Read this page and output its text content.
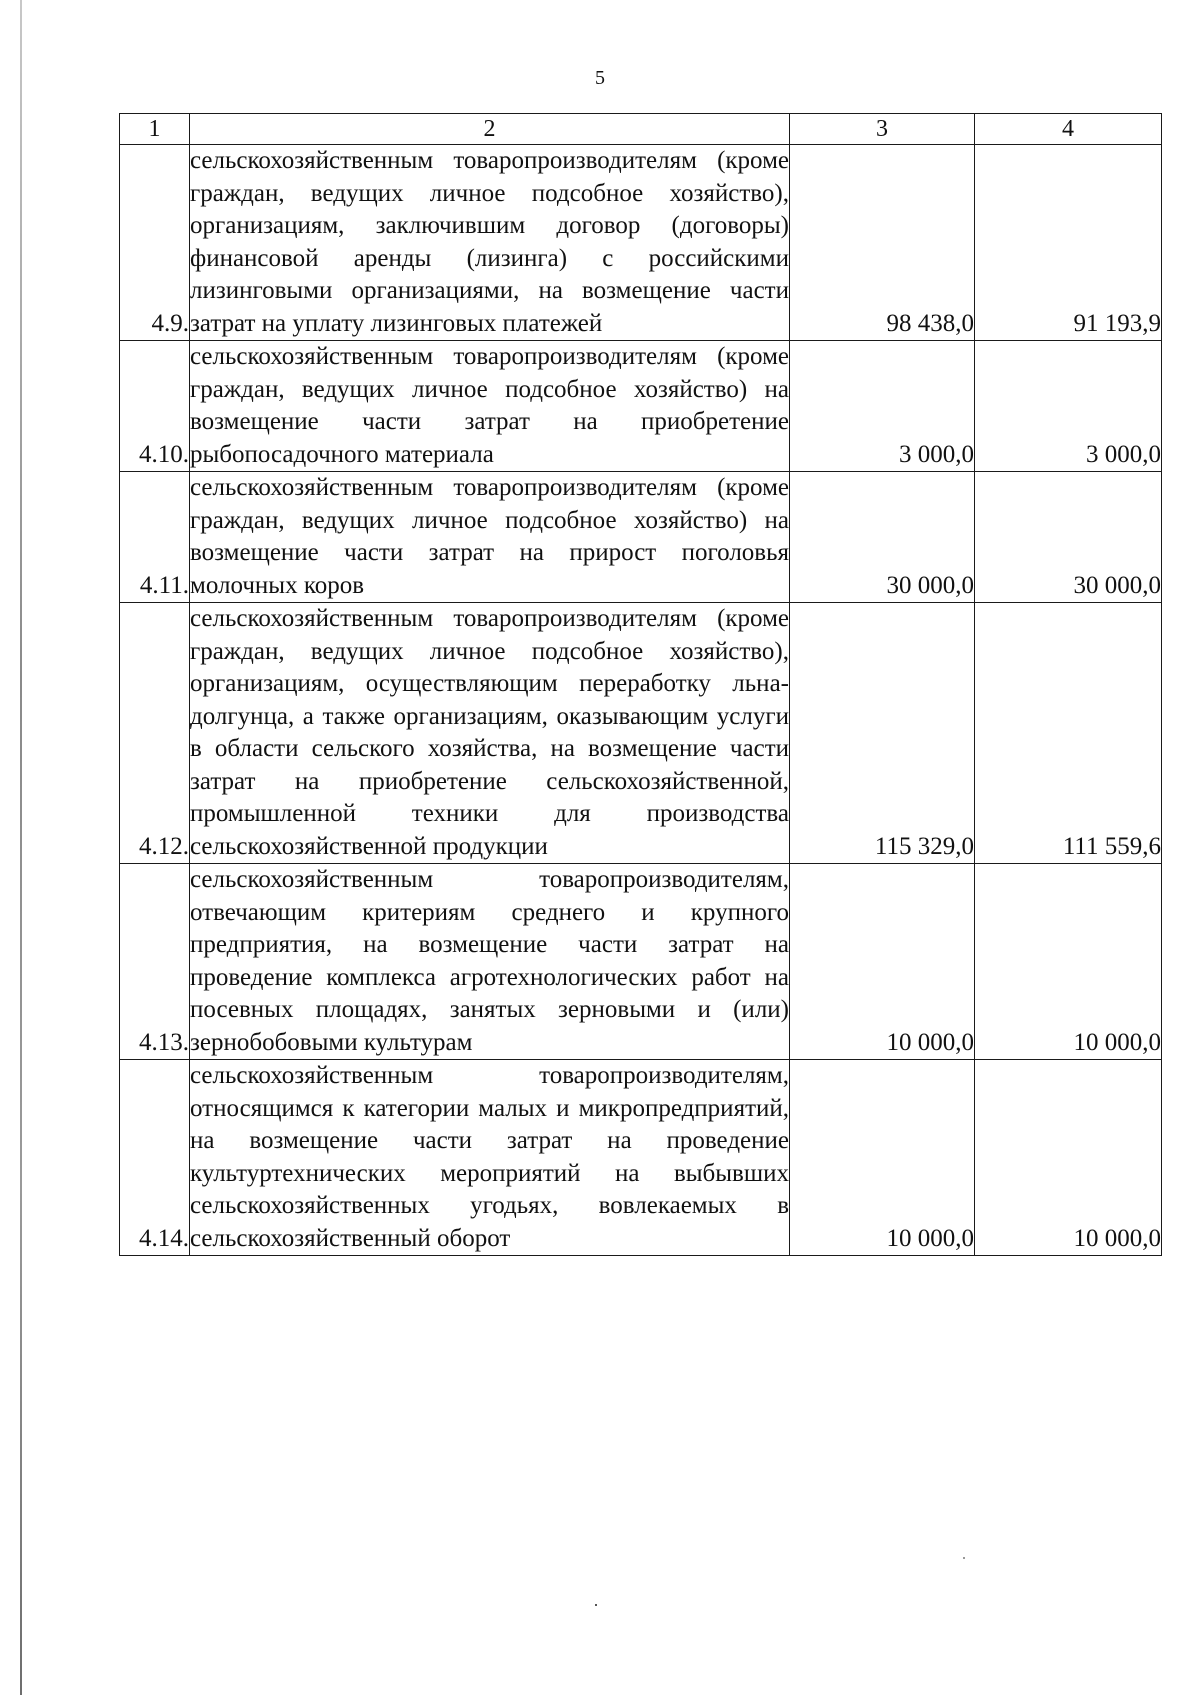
5
1	2	3	4
4.9.	сельскохозяйственным товаропроизводителям (кроме граждан, ведущих личное подсобное хозяйство), организациям, заключившим договор (договоры) финансовой аренды (лизинга) с российскими лизинговыми организациями, на возмещение части затрат на уплату лизинговых платежей	98 438,0	91 193,9
4.10.	сельскохозяйственным товаропроизводителям (кроме граждан, ведущих личное подсобное хозяйство) на возмещение части затрат на приобретение рыбопосадочного материала	3 000,0	3 000,0
4.11.	сельскохозяйственным товаропроизводителям (кроме граждан, ведущих личное подсобное хозяйство) на возмещение части затрат на прирост поголовья молочных коров	30 000,0	30 000,0
4.12.	сельскохозяйственным товаропроизводителям (кроме граждан, ведущих личное подсобное хозяйство), организациям, осуществляющим переработку льна-долгунца, а также организациям, оказывающим услуги в области сельского хозяйства, на возмещение части затрат на приобретение сельскохозяйственной, промышленной техники для производства сельскохозяйственной продукции	115 329,0	111 559,6
4.13.	сельскохозяйственным товаропроизводителям, отвечающим критериям среднего и крупного предприятия, на возмещение части затрат на проведение комплекса агротехнологических работ на посевных площадях, занятых зерновыми и (или) зернобобовыми культурам	10 000,0	10 000,0
4.14.	сельскохозяйственным товаропроизводителям, относящимся к категории малых и микропредприятий, на возмещение части затрат на проведение культуртехнических мероприятий на выбывших сельскохозяйственных угодьях, вовлекаемых в сельскохозяйственный оборот	10 000,0	10 000,0
